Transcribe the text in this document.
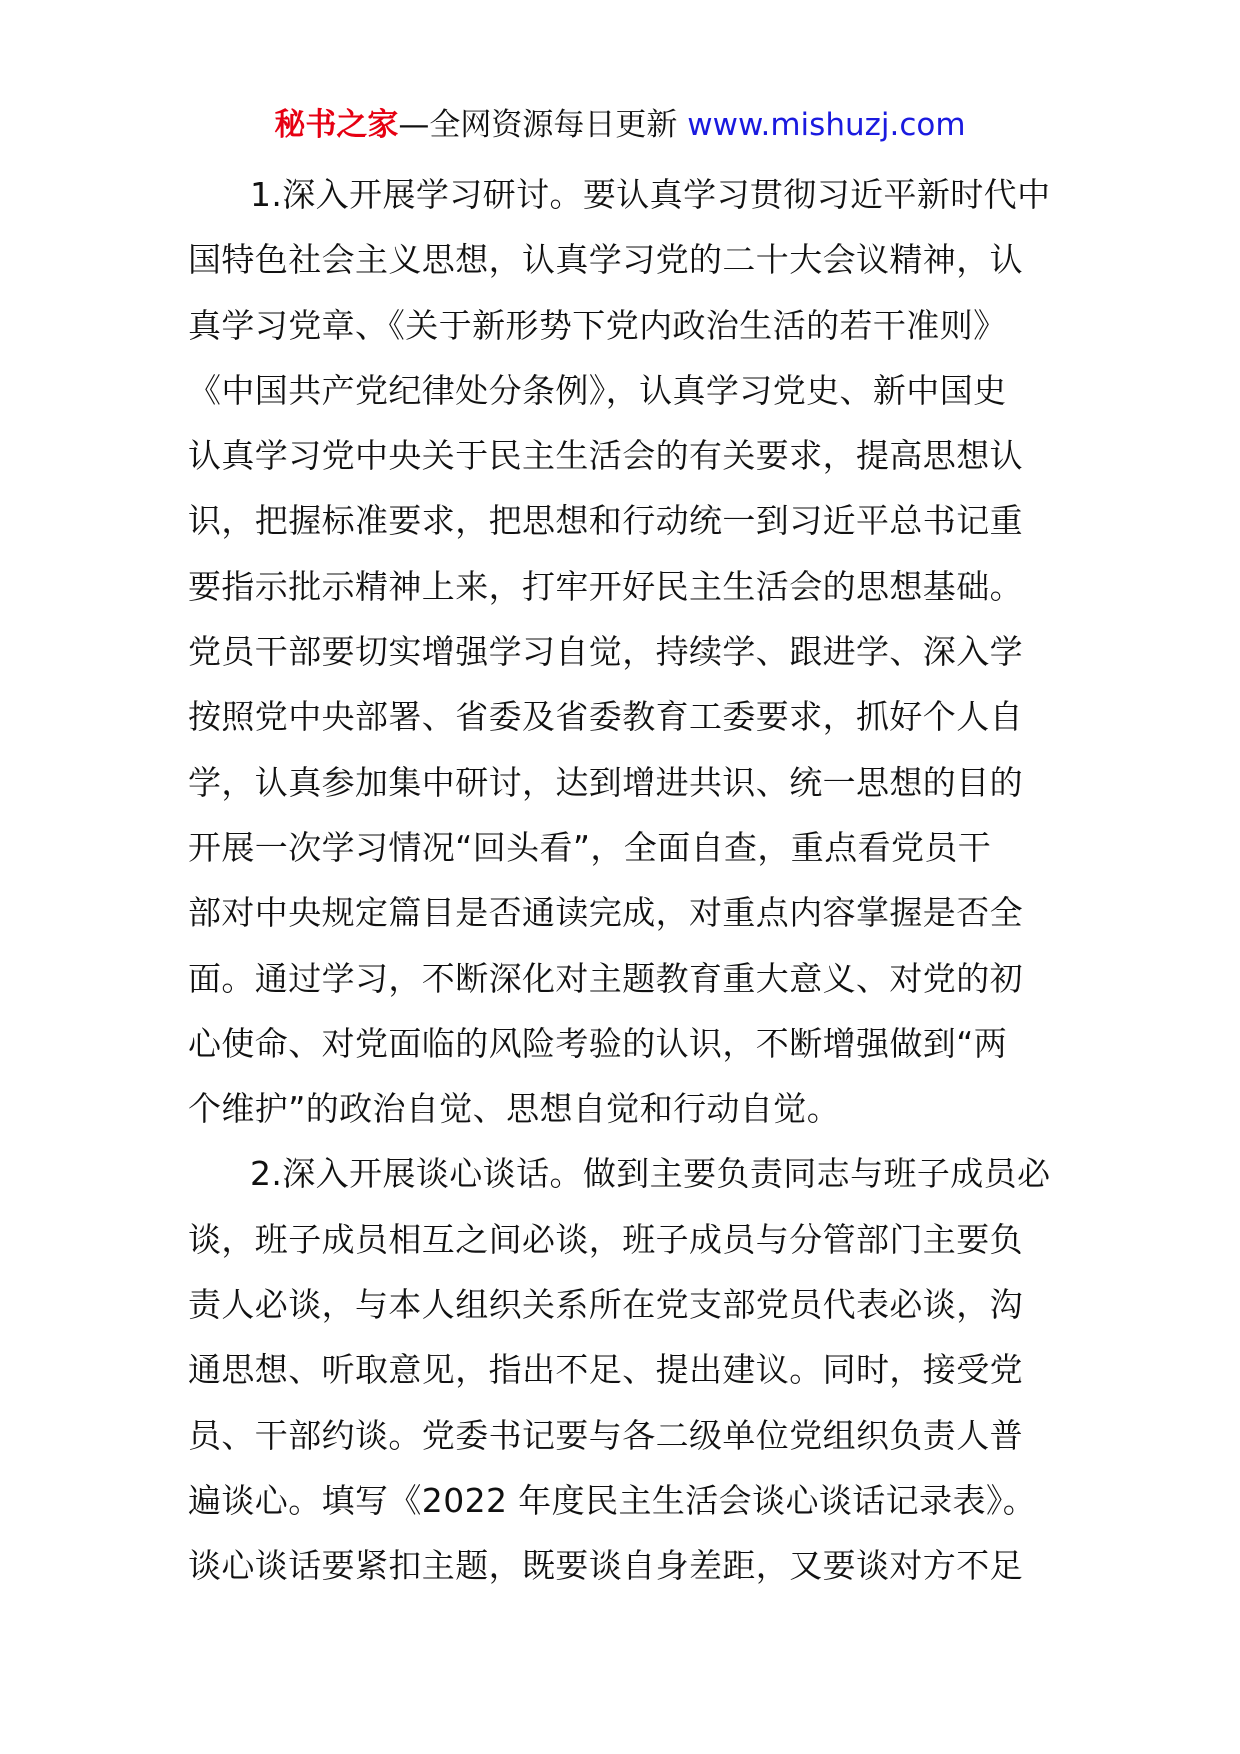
秘书之家—全网资源每日更新 www.mishuzj.com
1.深入开展学习研讨。要认真学习贯彻习近平新时代中
国特色社会主义思想，认真学习党的二十大会议精神，认
真学习党章、《关于新形势下党内政治生活的若干准则》
《中国共产党纪律处分条例》，认真学习党史、新中国史
认真学习党中央关于民主生活会的有关要求，提高思想认
识，把握标准要求，把思想和行动统一到习近平总书记重
要指示批示精神上来，打牢开好民主生活会的思想基础。
党员干部要切实增强学习自觉，持续学、跟进学、深入学
按照党中央部署、省委及省委教育工委要求，抓好个人自
学，认真参加集中研讨，达到增进共识、统一思想的目的
开展一次学习情况“回头看”，全面自查，重点看党员干
部对中央规定篇目是否通读完成，对重点内容掌握是否全
面。通过学习，不断深化对主题教育重大意义、对党的初
心使命、对党面临的风险考验的认识，不断增强做到“两
个维护”的政治自觉、思想自觉和行动自觉。
2.深入开展谈心谈话。做到主要负责同志与班子成员必
谈，班子成员相互之间必谈，班子成员与分管部门主要负
责人必谈，与本人组织关系所在党支部党员代表必谈，沟
通思想、听取意见，指出不足、提出建议。同时，接受党
员、干部约谈。党委书记要与各二级单位党组织负责人普
遍谈心。填写《2022 年度民主生活会谈心谈话记录表》。
谈心谈话要紧扣主题，既要谈自身差距，又要谈对方不足
